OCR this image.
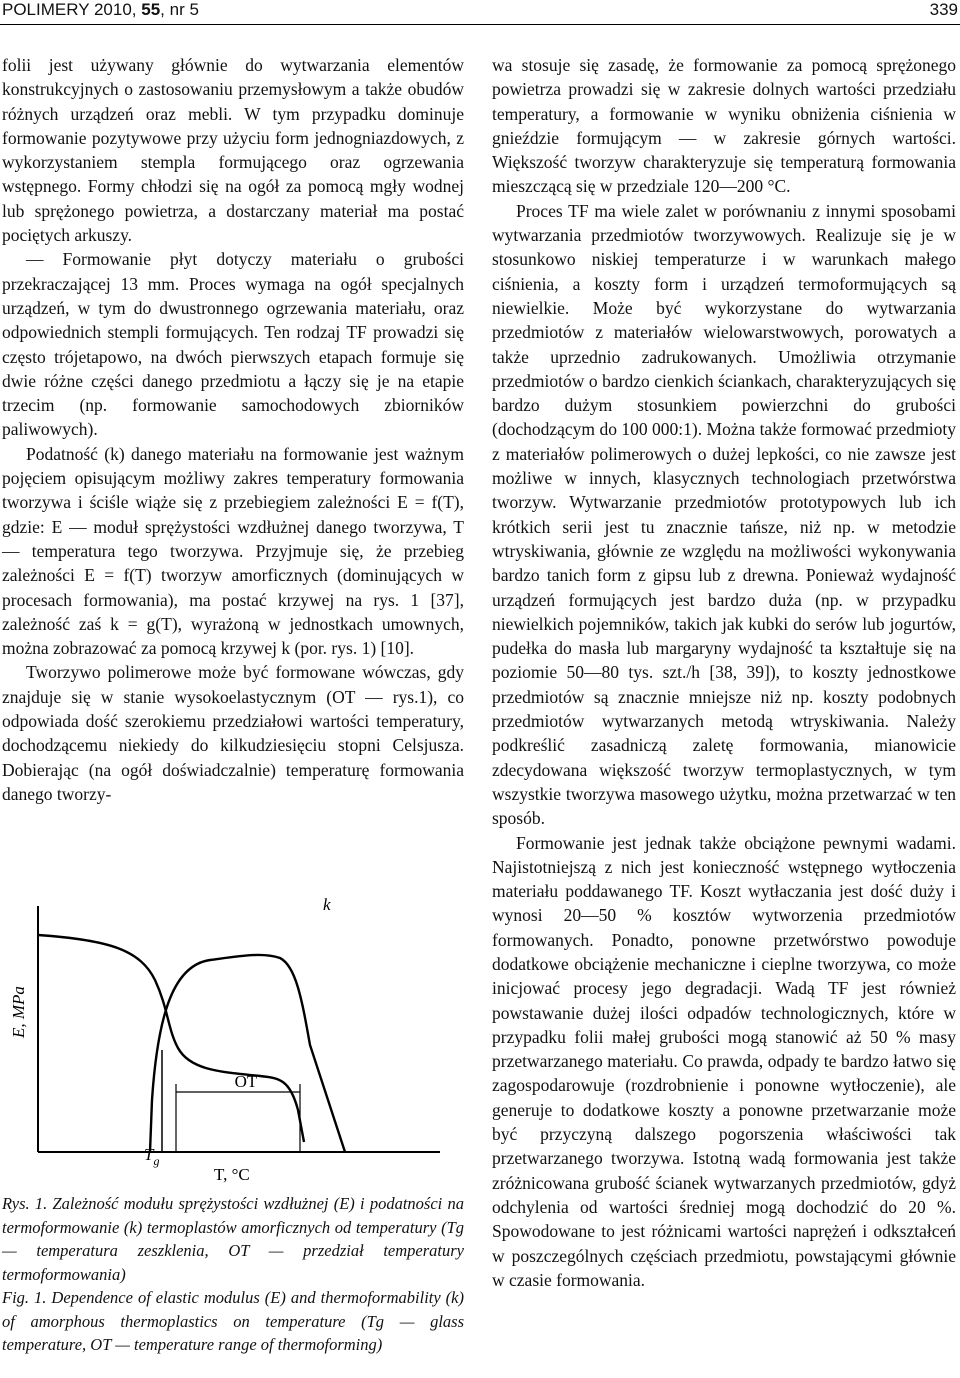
POLIMERY 2010, 55, nr 5	339

folii jest używany głównie do wytwarzania elementów konstrukcyjnych o zastosowaniu przemysłowym a także obudów różnych urządzeń oraz mebli. W tym przypadku dominuje formowanie pozytywowe przy użyciu form jednogniazdowych, z wykorzystaniem stempla formującego oraz ogrzewania wstępnego. Formy chłodzi się na ogół za pomocą mgły wodnej lub sprężonego powietrza, a dostarczany materiał ma postać pociętych arkuszy.

— Formowanie płyt dotyczy materiału o grubości przekraczającej 13 mm. Proces wymaga na ogół specjalnych urządzeń, w tym do dwustronnego ogrzewania materiału, oraz odpowiednich stempli formujących. Ten rodzaj TF prowadzi się często trójetapowo, na dwóch pierwszych etapach formuje się dwie różne części danego przedmiotu a łączy się je na etapie trzecim (np. formowanie samochodowych zbiorników paliwowych).

Podatność (k) danego materiału na formowanie jest ważnym pojęciem opisującym możliwy zakres temperatury formowania tworzywa i ściśle wiąże się z przebiegiem zależności E = f(T), gdzie: E — moduł sprężystości wzdłużnej danego tworzywa, T — temperatura tego tworzywa. Przyjmuje się, że przebieg zależności E = f(T) tworzyw amorficznych (dominujących w procesach formowania), ma postać krzywej na rys. 1 [37], zależność zaś k = g(T), wyrażoną w jednostkach umownych, można zobrazować za pomocą krzywej k (por. rys. 1) [10].

Tworzywo polimerowe może być formowane wówczas, gdy znajduje się w stanie wysokoelastycznym (OT — rys.1), co odpowiada dość szerokiemu przedziałowi wartości temperatury, dochodzącemu niekiedy do kilkudziesięciu stopni Celsjusza. Dobierając (na ogół doświadczalnie) temperaturę formowania danego tworzy-

wa stosuje się zasadę, że formowanie za pomocą sprężonego powietrza prowadzi się w zakresie dolnych wartości przedziału temperatury, a formowanie w wyniku obniżenia ciśnienia w gnieździe formującym — w zakresie górnych wartości. Większość tworzyw charakteryzuje się temperaturą formowania mieszczącą się w przedziale 120—200 °C.

Proces TF ma wiele zalet w porównaniu z innymi sposobami wytwarzania przedmiotów tworzywowych. Realizuje się je w stosunkowo niskiej temperaturze i w warunkach małego ciśnienia, a koszty form i urządzeń termoformujących są niewielkie. Może być wykorzystane do wytwarzania przedmiotów z materiałów wielowarstwowych, porowatych a także uprzednio zadrukowanych. Umożliwia otrzymanie przedmiotów o bardzo cienkich ściankach, charakteryzujących się bardzo dużym stosunkiem powierzchni do grubości (dochodzącym do 100 000:1). Można także formować przedmioty z materiałów polimerowych o dużej lepkości, co nie zawsze jest możliwe w innych, klasycznych technologiach przetwórstwa tworzyw. Wytwarzanie przedmiotów prototypowych lub ich krótkich serii jest tu znacznie tańsze, niż np. w metodzie wtryskiwania, głównie ze względu na możliwości wykonywania bardzo tanich form z gipsu lub z drewna. Ponieważ wydajność urządzeń formujących jest bardzo duża (np. w przypadku niewielkich pojemników, takich jak kubki do serów lub jogurtów, pudełka do masła lub margaryny wydajność ta kształtuje się na poziomie 50—80 tys. szt./h [38, 39]), to koszty jednostkowe przedmiotów są znacznie mniejsze niż np. koszty podobnych przedmiotów wytwarzanych metodą wtryskiwania. Należy podkreślić zasadniczą zaletę formowania, mianowicie zdecydowana większość tworzyw termoplastycznych, w tym wszystkie tworzywa masowego użytku, można przetwarzać w ten sposób.

Formowanie jest jednak także obciążone pewnymi wadami. Najistotniejszą z nich jest konieczność wstępnego wytłoczenia materiału poddawanego TF. Koszt wytłaczania jest dość duży i wynosi 20—50 % kosztów wytworzenia przedmiotów formowanych. Ponadto, ponowne przetwórstwo powoduje dodatkowe obciążenie mechaniczne i cieplne tworzywa, co może inicjować procesy jego degradacji. Wadą TF jest również powstawanie dużej ilości odpadów technologicznych, które w przypadku folii małej grubości mogą stanowić aż 50 % masy przetwarzanego materiału. Co prawda, odpady te bardzo łatwo się zagospodarowuje (rozdrobnienie i ponowne wytłoczenie), ale generuje to dodatkowe koszty a ponowne przetwarzanie może być przyczyną dalszego pogorszenia właściwości tak przetwarzanego tworzywa. Istotną wadą formowania jest także zróżnicowana grubość ścianek wytwarzanych przedmiotów, gdyż odchylenia od wartości średniej mogą dochodzić do 20 %. Spowodowane to jest różnicami wartości naprężeń i odkształceń w poszczególnych częściach przedmiotu, powstającymi głównie w czasie formowania.

OT
k
$T_g$
T, °C
E, MPa

Rys. 1. Zależność modułu sprężystości wzdłużnej (E) i podatności na termoformowanie (k) termoplastów amorficznych od temperatury (Tg — temperatura zeszklenia, OT — przedział temperatury termoformowania)

Fig. 1. Dependence of elastic modulus (E) and thermoformability (k) of amorphous thermoplastics on temperature (Tg — glass temperature, OT — temperature range of thermoforming)
